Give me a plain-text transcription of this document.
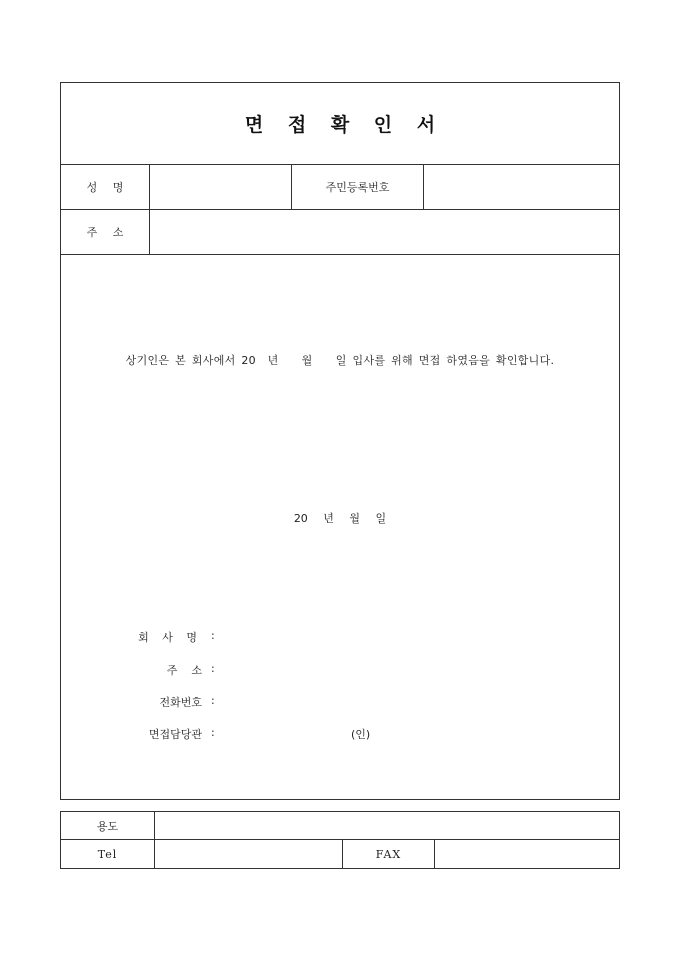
면 접 확 인 서
성 명	주민등록번호
주 소
상기인은 본 회사에서 20  년    월    일 입사를 위해 면접 하였음을 확인합니다.
20 년 월 일
회 사 명 :
주    소 :
전화번호 :
면접담당관 :	(인)
용도
Tel	FAX
